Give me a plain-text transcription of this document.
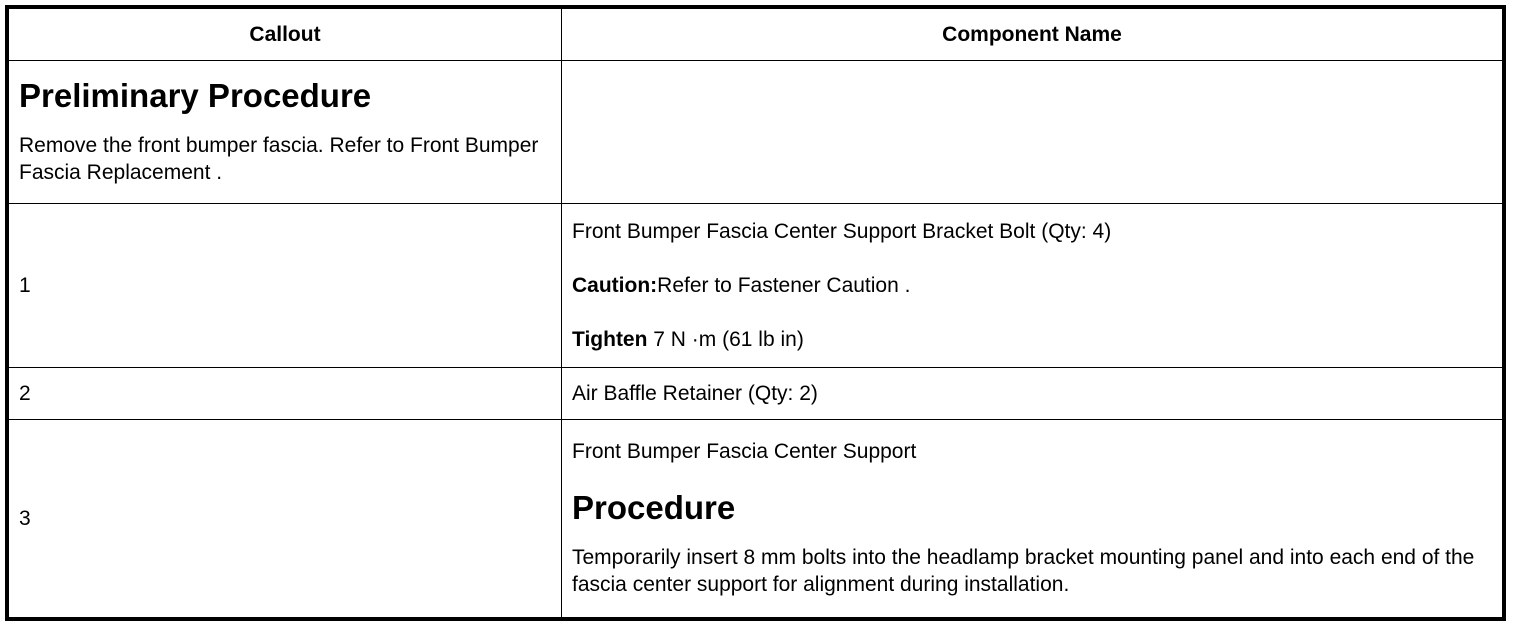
Callout	Component Name

Preliminary Procedure

Remove the front bumper fascia. Refer to Front Bumper Fascia Replacement .	

1	Front Bumper Fascia Center Support Bracket Bolt (Qty: 4)

Caution:Refer to Fastener Caution .

Tighten 7 N ·m (61 lb in)

2	Air Baffle Retainer (Qty: 2)
3	Front Bumper Fascia Center Support

Procedure

Temporarily insert 8 mm bolts into the headlamp bracket mounting panel and into each end of the fascia center support for alignment during installation.
